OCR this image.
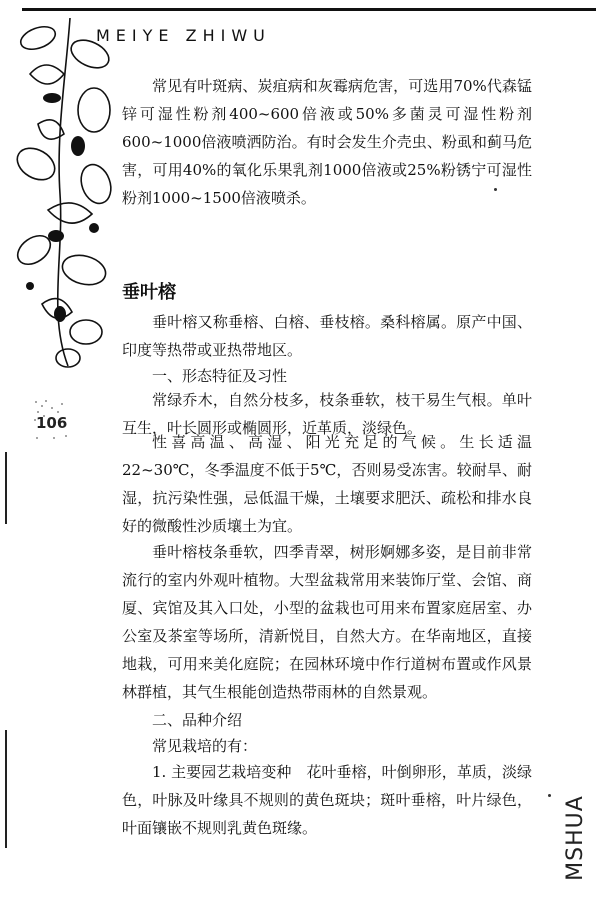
MEIYE ZHIWU
106
常见有叶斑病、炭疽病和灰霉病危害，可选用70%代森锰锌可湿性粉剂400~600倍液或50%多菌灵可湿性粉剂600~1000倍液喷洒防治。有时会发生介壳虫、粉虱和蓟马危害，可用40%的氧化乐果乳剂1000倍液或25%粉锈宁可湿性粉剂1000~1500倍液喷杀。
垂叶榕
垂叶榕又称垂榕、白榕、垂枝榕。桑科榕属。原产中国、印度等热带或亚热带地区。
一、形态特征及习性
常绿乔木，自然分枝多，枝条垂软，枝干易生气根。单叶互生，叶长圆形或椭圆形，近革质，淡绿色。
性喜高温、高湿、阳光充足的气候。生长适温22~30℃，冬季温度不低于5℃，否则易受冻害。较耐旱、耐湿，抗污染性强，忌低温干燥，土壤要求肥沃、疏松和排水良好的微酸性沙质壤土为宜。
垂叶榕枝条垂软，四季青翠，树形婀娜多姿，是目前非常流行的室内外观叶植物。大型盆栽常用来装饰厅堂、会馆、商厦、宾馆及其入口处，小型的盆栽也可用来布置家庭居室、办公室及茶室等场所，清新悦目，自然大方。在华南地区，直接地栽，可用来美化庭院；在园林环境中作行道树布置或作风景林群植，其气生根能创造热带雨林的自然景观。
二、品种介绍
常见栽培的有：
1. 主要园艺栽培变种　花叶垂榕，叶倒卵形，革质，淡绿色，叶脉及叶缘具不规则的黄色斑块；斑叶垂榕，叶片绿色，叶面镶嵌不规则乳黄色斑缘。	MSHUA
